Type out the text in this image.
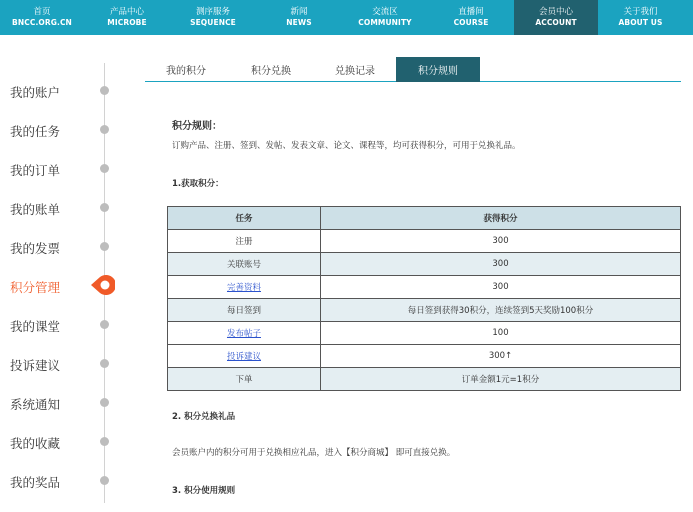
首页
BNCC.ORG.CN
产品中心
MICROBE
测序服务
SEQUENCE
新闻
NEWS
交流区
COMMUNITY
直播间
COURSE
会员中心
ACCOUNT
关于我们
ABOUT US
我的账户
我的任务
我的订单
我的账单
我的发票
积分管理
我的课堂
投诉建议
系统通知
我的收藏
我的奖品
我的积分	积分兑换	兑换记录	积分规则
积分规则：
订购产品、注册、签到、发帖、发表文章、论文、课程等，均可获得积分，可用于兑换礼品。
1.获取积分：
任务	获得积分
注册	300
关联账号	300
完善资料	300
每日签到	每日签到获得30积分，连续签到5天奖励100积分
发布帖子	100
投诉建议	300↑
下单	订单金额1元=1积分
2. 积分兑换礼品
会员账户内的积分可用于兑换相应礼品，进入【积分商城】 即可直接兑换。
3. 积分使用规则
